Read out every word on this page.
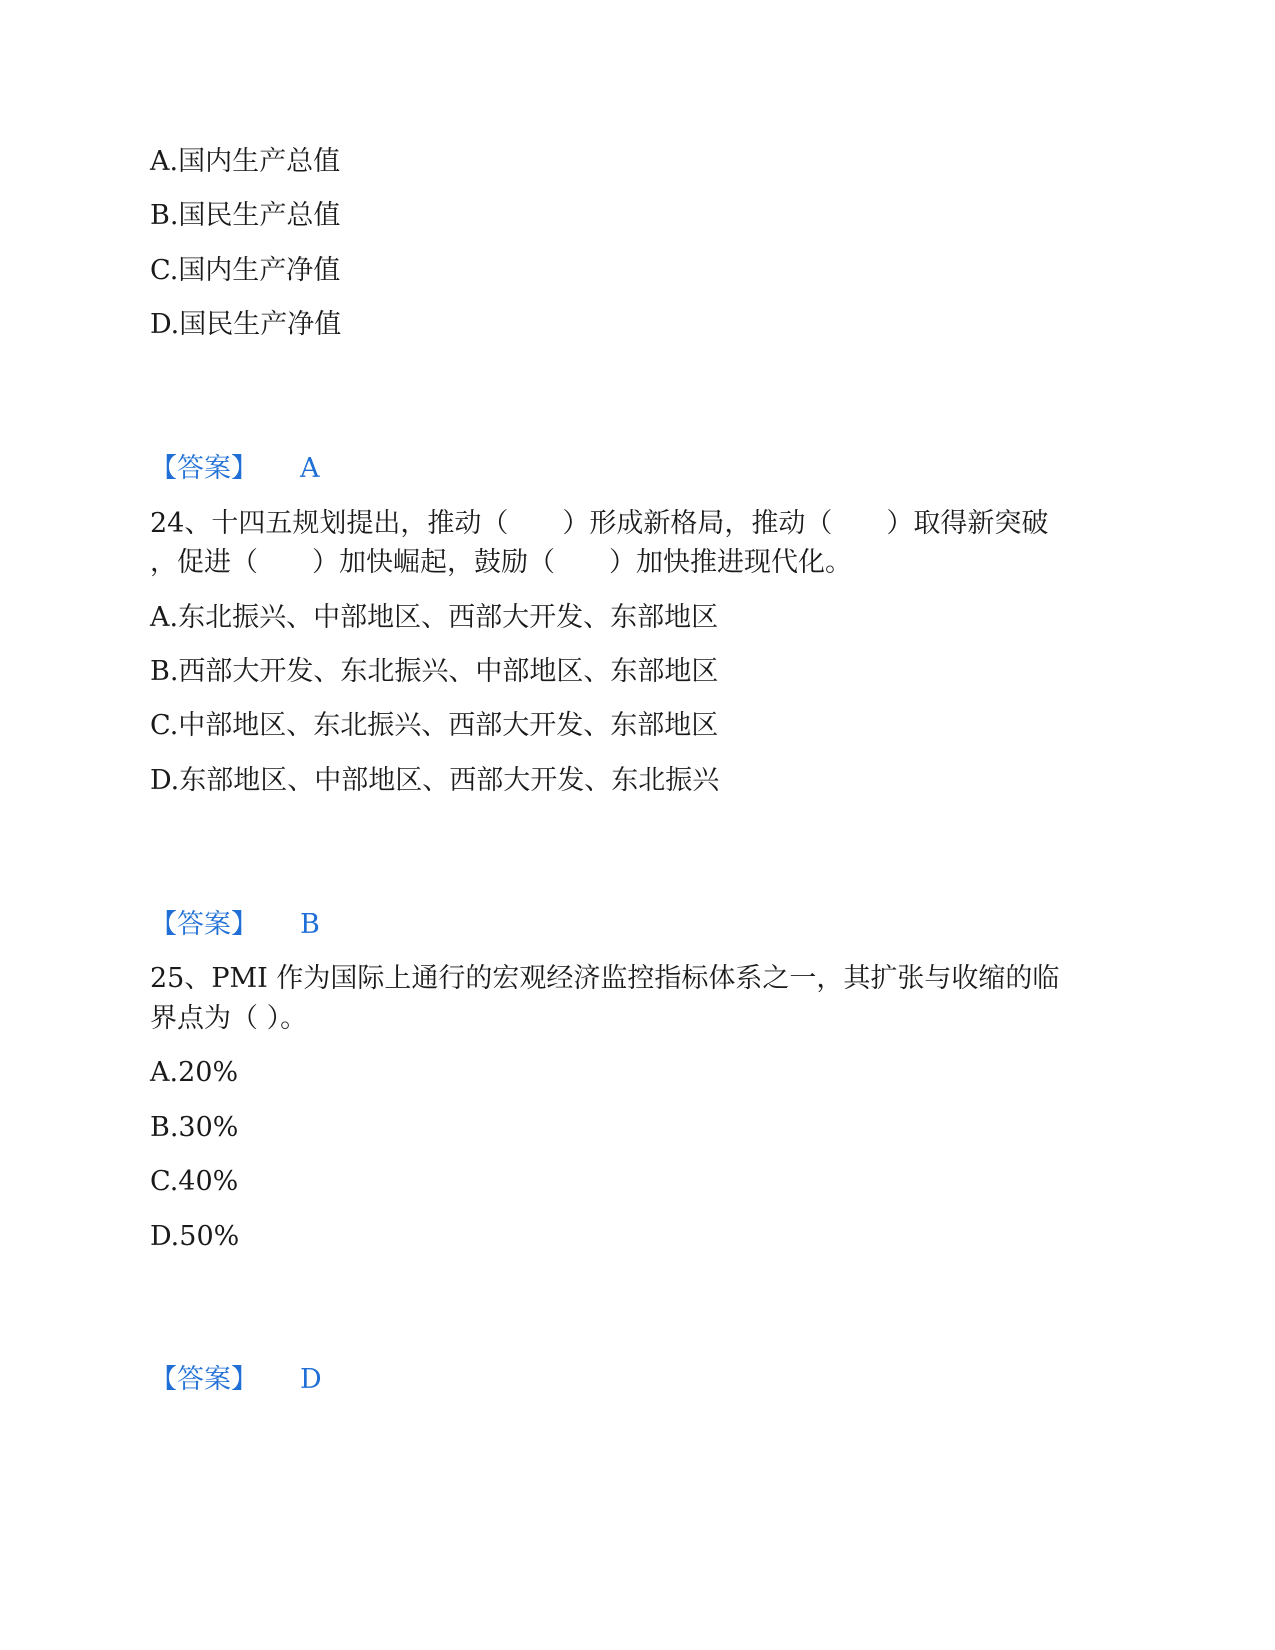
A.国内生产总值
B.国民生产总值
C.国内生产净值
D.国民生产净值
【答案】 A
24、十四五规划提出，推动（　　）形成新格局，推动（　　）取得新突破
，促进（　　）加快崛起，鼓励（　　）加快推进现代化。
A.东北振兴、中部地区、西部大开发、东部地区
B.西部大开发、东北振兴、中部地区、东部地区
C.中部地区、东北振兴、西部大开发、东部地区
D.东部地区、中部地区、西部大开发、东北振兴
【答案】 B
25、PMI 作为国际上通行的宏观经济监控指标体系之一，其扩张与收缩的临
界点为（ ）。
A.20%
B.30%
C.40%
D.50%
【答案】 D
